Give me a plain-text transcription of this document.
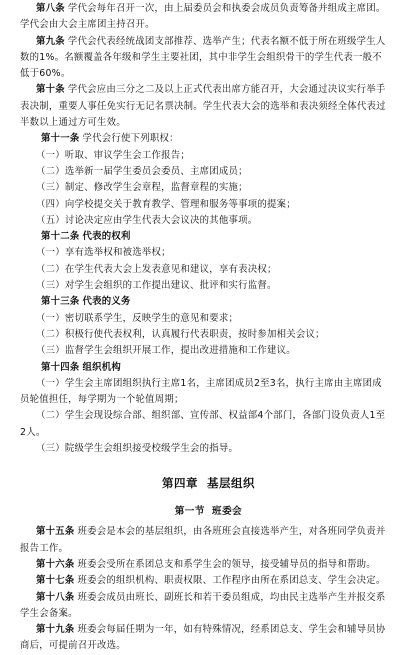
第八条 学代会每年召开一次，由上届委员会和执委会成员负责筹备并组成主席团。学代会由大会主席团主持召开。

第九条 学代会代表经统战团支部推荐、选举产生；代表名额不低于所在班级学生人数的1%。名额覆盖各年级和学生主要社团，其中非学生会组织骨干的学生代表一般不低于60%。

第十条 学代会应由三分之二及以上正式代表出席方能召开，大会通过决议实行举手表决制，重要人事任免实行无记名票决制。学生代表大会的选举和表决须经全体代表过半数以上通过方可生效。

第十一条 学代会行使下列职权：

（一）听取、审议学生会工作报告；

（二）选举新一届学生委员会委员、主席团成员；

（三）制定、修改学生会章程，监督章程的实施；

（四）向学校提交关于教育教学、管理和服务等事项的提案；

（五）讨论决定应由学生代表大会议决的其他事项。

第十二条 代表的权利

（一）享有选举权和被选举权；

（二）在学生代表大会上发表意见和建议，享有表决权；

（三）对学生会组织的工作提出建议、批评和实行监督。

第十三条 代表的义务

（一）密切联系学生，反映学生的意见和要求；

（二）积极行使代表权利，认真履行代表职责，按时参加相关会议；

（三）监督学生会组织开展工作，提出改进措施和工作建议。

第十四条 组织机构

（一）学生会主席团组织执行主席1名，主席团成员2至3名，执行主席由主席团成员轮值担任，每学期为一个轮值周期；

（二）学生会现设综合部、组织部、宣传部、权益部4个部门，各部门设负责人1至2人。

（三）院级学生会组织接受校级学生会的指导。

第四章 基层组织
第一节 班委会

第十五条 班委会是本会的基层组织，由各班班会直接选举产生，对各班同学负责并报告工作。

第十六条 班委会受所在系团总支和系学生会的领导，接受辅导员的指导和帮助。

第十七条 班委会的组织机构、职责权限、工作程序由所在系团总支、学生会决定。

第十八条 班委会成员由班长、副班长和若干委员组成，均由民主选举产生并报交系学生会备案。

第十九条 班委会每届任期为一年，如有特殊情况，经系团总支、学生会和辅导员协商后，可提前召开改选。
